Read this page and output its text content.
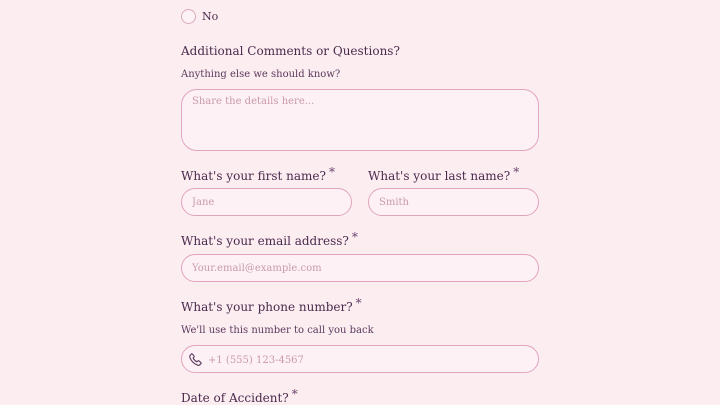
No
Additional Comments or Questions?
Anything else we should know?
Share the details here...
What's your first name? *
Jane	What's your last name? *
Smith
What's your email address? *
Your.email@example.com
What's your phone number? *
We'll use this number to call you back
+1 (555) 123-4567
Date of Accident? *
